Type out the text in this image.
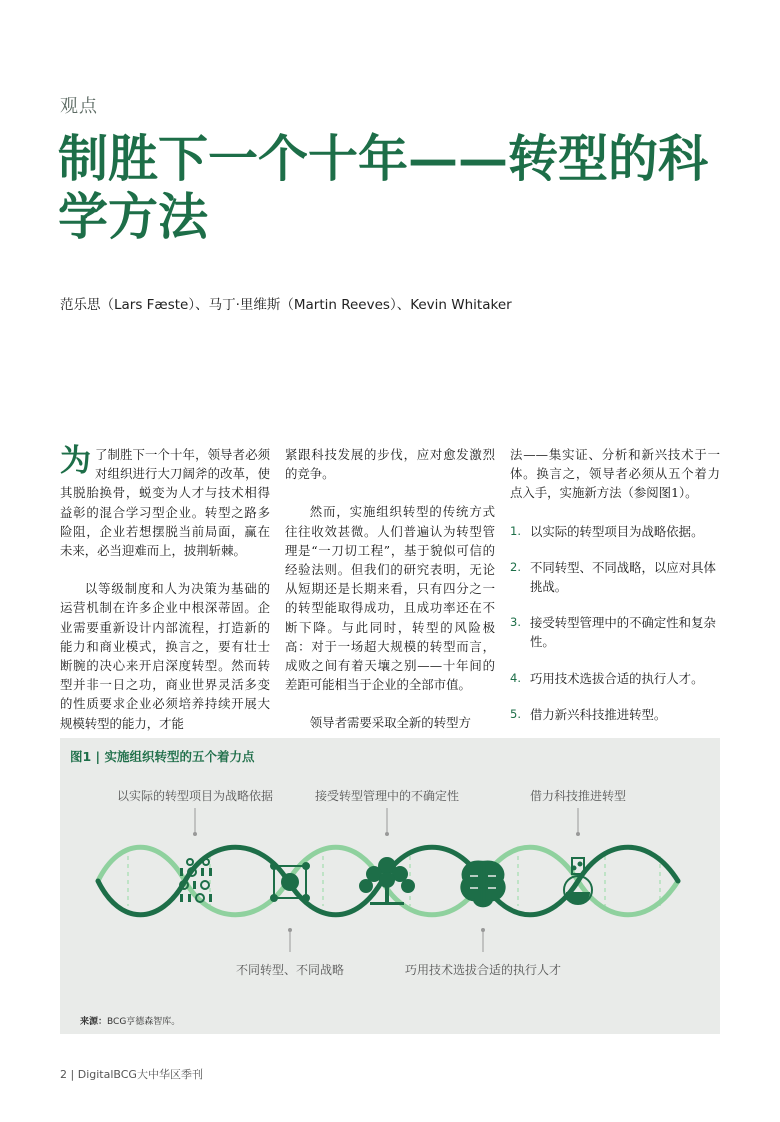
观点
制胜下一个十年——转型的科
学方法
范乐思（Lars Fæste）、马丁·里维斯（Martin Reeves）、Kevin Whitaker

为了制胜下一个十年，领导者必须对组织进行大刀阔斧的改革，使其脱胎换骨，蜕变为人才与技术相得益彰的混合学习型企业。转型之路多险阻，企业若想摆脱当前局面，赢在未来，必当迎难而上，披荆斩棘。

以等级制度和人为决策为基础的运营机制在许多企业中根深蒂固。企业需要重新设计内部流程，打造新的能力和商业模式，换言之，要有壮士断腕的决心来开启深度转型。然而转型并非一日之功，商业世界灵活多变的性质要求企业必须培养持续开展大规模转型的能力，才能

紧跟科技发展的步伐，应对愈发激烈的竞争。

然而，实施组织转型的传统方式往往收效甚微。人们普遍认为转型管理是“一刀切工程”，基于貌似可信的经验法则。但我们的研究表明，无论从短期还是长期来看，只有四分之一的转型能取得成功，且成功率还在不断下降。与此同时，转型的风险极高：对于一场超大规模的转型而言，成败之间有着天壤之别——十年间的差距可能相当于企业的全部市值。

领导者需要采取全新的转型方

法——集实证、分析和新兴技术于一体。换言之，领导者必须从五个着力点入手，实施新方法（参阅图1）。

1. 以实际的转型项目为战略依据。
2. 不同转型、不同战略，以应对具体挑战。
3. 接受转型管理中的不确定性和复杂性。
4. 巧用技术选拔合适的执行人才。
5. 借力新兴科技推进转型。
图1 | 实施组织转型的五个着力点
以实际的转型项目为战略依据	接受转型管理中的不确定性	借力科技推进转型
不同转型、不同战略	巧用技术选拔合适的执行人才
来源：BCG亨德森智库。
2 | DigitalBCG大中华区季刊
